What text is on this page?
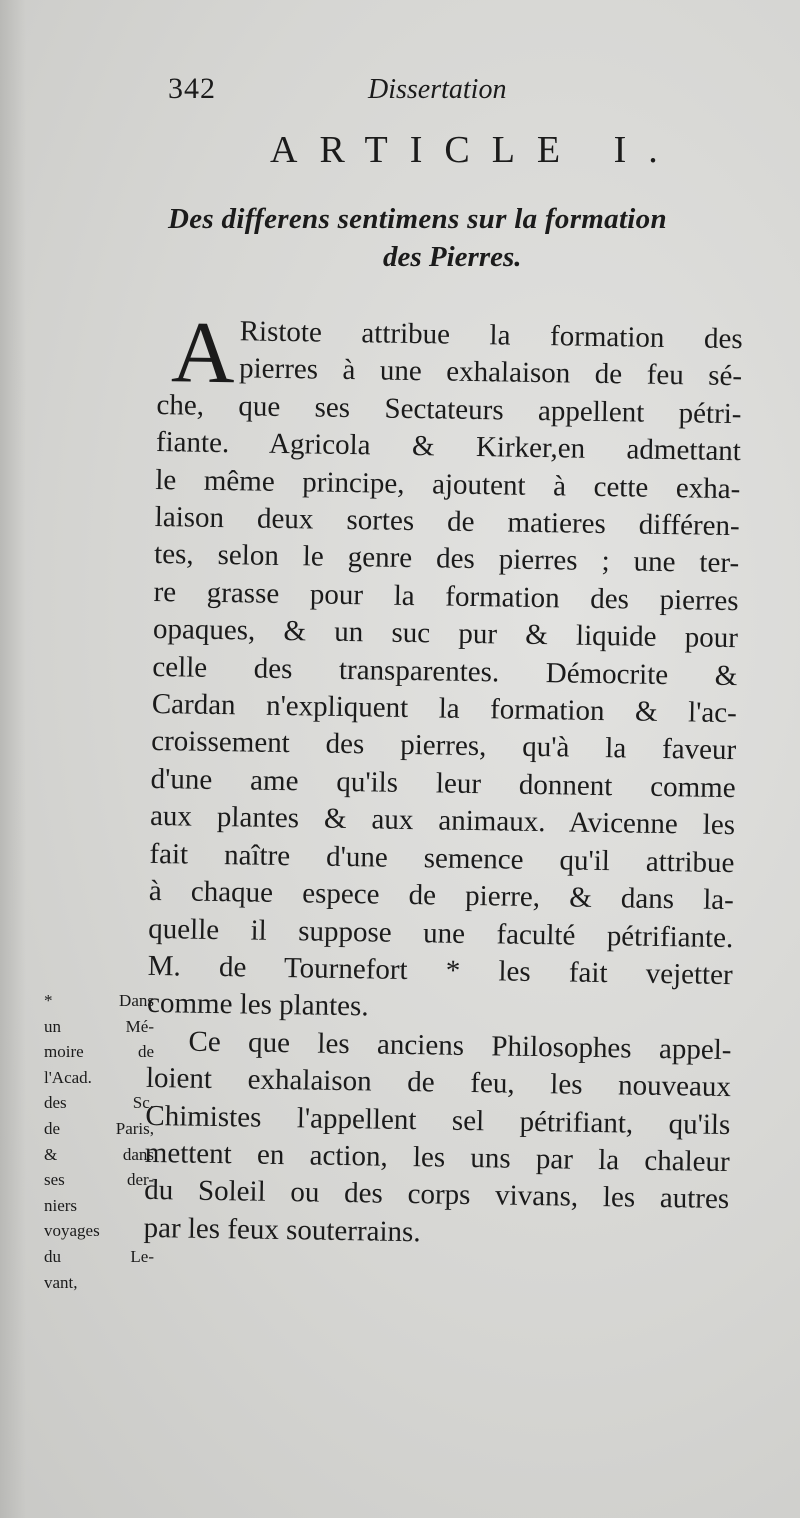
342	Dissertation
ARTICLE I.
Des differens sentimens sur la formation
des Pierres.
A Ristote attribue la formation des
pierres à une exhalaison de feu sé-
che, que ses Sectateurs appellent pétri-
fiante. Agricola & Kirker,en admettant
le même principe, ajoutent à cette exha-
laison deux sortes de matieres différen-
tes, selon le genre des pierres ; une ter-
re grasse pour la formation des pierres
opaques, & un suc pur & liquide pour
celle des transparentes. Démocrite &
Cardan n'expliquent la formation & l'ac-
croissement des pierres, qu'à la faveur
d'une ame qu'ils leur donnent comme
aux plantes & aux animaux. Avicenne les
fait naître d'une semence qu'il attribue
à chaque espece de pierre, & dans la-
quelle il suppose une faculté pétrifiante.
M. de Tournefort * les fait vejetter
comme les plantes.
Ce que les anciens Philosophes appel-
loient exhalaison de feu, les nouveaux
Chimistes l'appellent sel pétrifiant, qu'ils
mettent en action, les uns par la chaleur
du Soleil ou des corps vivans, les autres
par les feux souterrains.
* Dans
un Mé-
moire de
l'Acad.
des Sc.
de Paris,
& dans
ses der-
niers
voyages
du Le-
vant,
